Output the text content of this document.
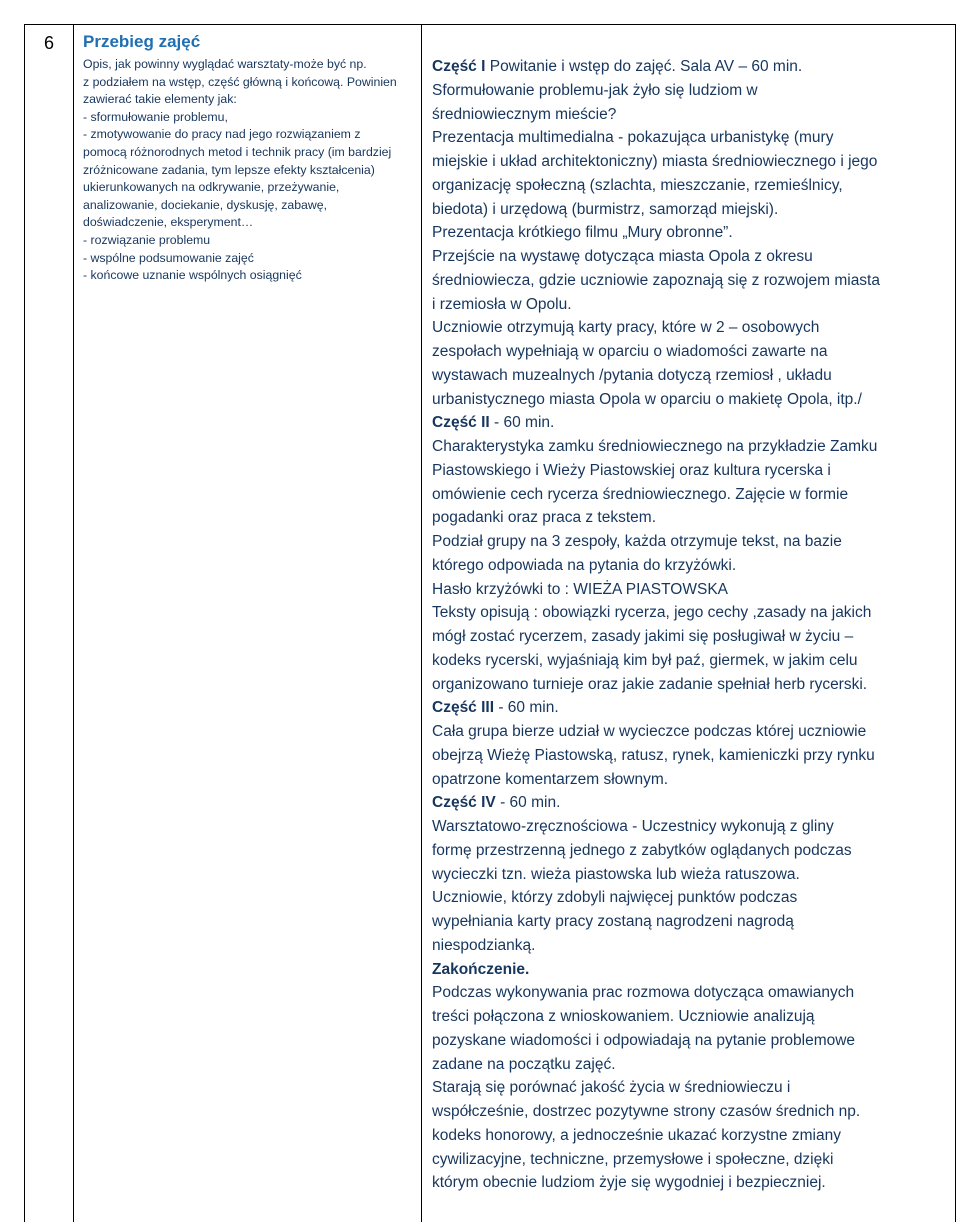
6	Przebieg zajęć

Opis, jak powinny wyglądać warsztaty-może być np.
z podziałem na wstęp, część główną i końcową. Powinien
zawierać takie elementy jak:
- sformułowanie problemu,
- zmotywowanie do pracy nad jego rozwiązaniem z
pomocą różnorodnych metod i technik pracy (im bardziej
zróżnicowane zadania, tym lepsze efekty kształcenia)
ukierunkowanych na odkrywanie, przeżywanie,
analizowanie, dociekanie, dyskusję, zabawę,
doświadczenie, eksperyment…
- rozwiązanie problemu
- wspólne podsumowanie zajęć
- końcowe uznanie wspólnych osiągnięć

Część I Powitanie i wstęp do zajęć. Sala AV – 60 min.
Sformułowanie problemu-jak żyło się ludziom w
średniowiecznym mieście?
Prezentacja multimedialna - pokazująca urbanistykę (mury
miejskie i układ architektoniczny) miasta średniowiecznego i jego
organizację społeczną (szlachta, mieszczanie, rzemieślnicy,
biedota) i urzędową (burmistrz, samorząd miejski).
Prezentacja krótkiego filmu „Mury obronne”.
Przejście na wystawę dotycząca miasta Opola z okresu
średniowiecza, gdzie uczniowie zapoznają się z rozwojem miasta
i rzemiosła w Opolu.
Uczniowie otrzymują karty pracy, które w 2 – osobowych
zespołach wypełniają w oparciu o wiadomości zawarte na
wystawach muzealnych /pytania dotyczą rzemiosł , układu
urbanistycznego miasta Opola w oparciu o makietę Opola, itp./
Część II - 60 min.
Charakterystyka zamku średniowiecznego na przykładzie Zamku
Piastowskiego i Wieży Piastowskiej oraz kultura rycerska i
omówienie cech rycerza średniowiecznego. Zajęcie w formie
pogadanki oraz praca z tekstem.
Podział grupy na 3 zespoły, każda otrzymuje tekst, na bazie
którego odpowiada na pytania do krzyżówki.
Hasło krzyżówki to : WIEŻA PIASTOWSKA
Teksty opisują : obowiązki rycerza, jego cechy ,zasady na jakich
mógł zostać rycerzem, zasady jakimi się posługiwał w życiu –
kodeks rycerski, wyjaśniają kim był paź, giermek, w jakim celu
organizowano turnieje oraz jakie zadanie spełniał herb rycerski.
Część III - 60 min.
Cała grupa bierze udział w wycieczce podczas której uczniowie
obejrzą Wieżę Piastowską, ratusz, rynek, kamieniczki przy rynku
opatrzone komentarzem słownym.
Część IV - 60 min.
Warsztatowo-zręcznościowa - Uczestnicy wykonują z gliny
formę przestrzenną jednego z zabytków oglądanych podczas
wycieczki tzn. wieża piastowska lub wieża ratuszowa.
Uczniowie, którzy zdobyli najwięcej punktów podczas
wypełniania karty pracy zostaną nagrodzeni nagrodą
niespodzianką.
Zakończenie.
Podczas wykonywania prac rozmowa dotycząca omawianych
treści połączona z wnioskowaniem. Uczniowie analizują
pozyskane wiadomości i odpowiadają na pytanie problemowe
zadane na początku zajęć.
Starają się porównać jakość życia w średniowieczu i
współcześnie, dostrzec pozytywne strony czasów średnich np.
kodeks honorowy, a jednocześnie ukazać korzystne zmiany
cywilizacyjne, techniczne, przemysłowe i społeczne, dzięki
którym obecnie ludziom żyje się wygodniej i bezpieczniej.
